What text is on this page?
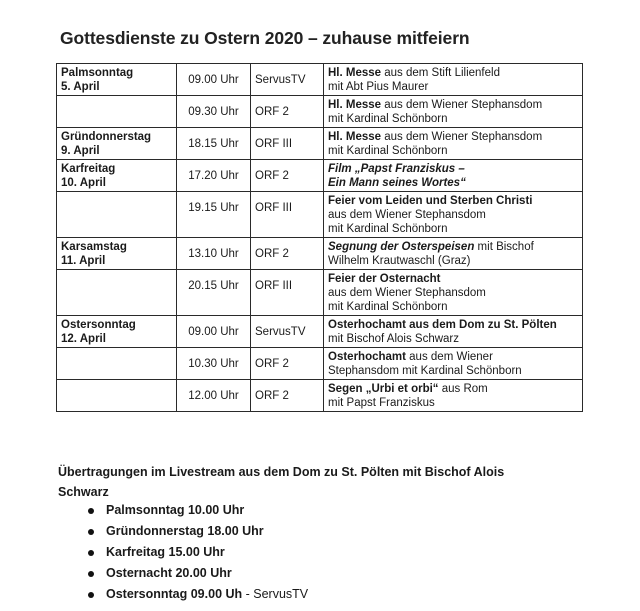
Gottesdienste zu Ostern 2020 – zuhause mitfeiern
Palmsonntag
5. April	09.00 Uhr	ServusTV	Hl. Messe aus dem Stift Lilienfeld
mit Abt Pius Maurer

	09.30 Uhr	ORF 2	Hl. Messe aus dem Wiener Stephansdom
mit Kardinal Schönborn

Gründonnerstag
9. April	18.15 Uhr	ORF III	Hl. Messe aus dem Wiener Stephansdom
mit Kardinal Schönborn

Karfreitag
10. April	17.20 Uhr	ORF 2	Film „Papst Franziskus –
Ein Mann seines Wortes“

	19.15 Uhr	ORF III	Feier vom Leiden und Sterben Christi
aus dem Wiener Stephansdom
mit Kardinal Schönborn

Karsamstag
11. April	13.10 Uhr	ORF 2	Segnung der Osterspeisen mit Bischof
Wilhelm Krautwaschl (Graz)

	20.15 Uhr	ORF III	Feier der Osternacht
aus dem Wiener Stephansdom
mit Kardinal Schönborn

Ostersonntag
12. April	09.00 Uhr	ServusTV	Osterhochamt aus dem Dom zu St. Pölten
mit Bischof Alois Schwarz

	10.30 Uhr	ORF 2	Osterhochamt aus dem Wiener
Stephansdom mit Kardinal Schönborn

	12.00 Uhr	ORF 2	Segen „Urbi et orbi“ aus Rom
mit Papst Franziskus
Übertragungen im Livestream aus dem Dom zu St. Pölten mit Bischof Alois Schwarz
Palmsonntag 10.00 Uhr
Gründonnerstag 18.00 Uhr
Karfreitag 15.00 Uhr
Osternacht 20.00 Uhr
Ostersonntag 09.00 Uh - ServusTV
